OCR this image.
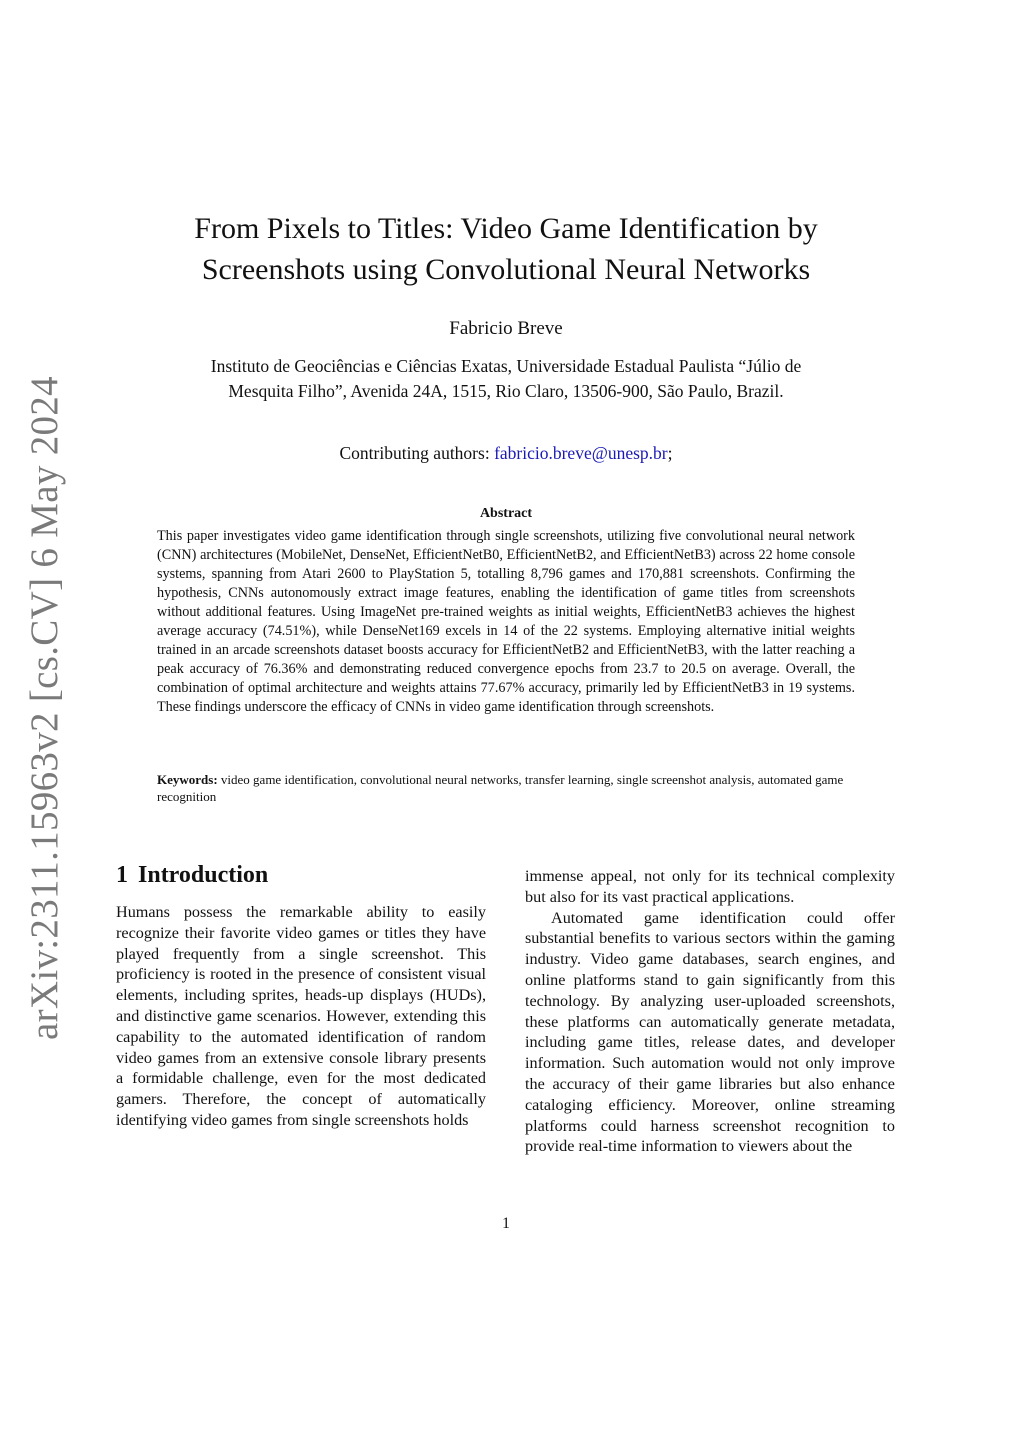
arXiv:2311.15963v2 [cs.CV] 6 May 2024
From Pixels to Titles: Video Game Identification by
Screenshots using Convolutional Neural Networks
Fabricio Breve
Instituto de Geociências e Ciências Exatas, Universidade Estadual Paulista “Júlio de
Mesquita Filho”, Avenida 24A, 1515, Rio Claro, 13506-900, São Paulo, Brazil.
Contributing authors: fabricio.breve@unesp.br;
Abstract

This paper investigates video game identification through single screenshots, utilizing five convolutional neural network (CNN) architectures (MobileNet, DenseNet, EfficientNetB0, EfficientNetB2, and EfficientNetB3) across 22 home console systems, spanning from Atari 2600 to PlayStation 5, totalling 8,796 games and 170,881 screenshots. Confirming the hypothesis, CNNs autonomously extract image features, enabling the identification of game titles from screenshots without additional features. Using ImageNet pre-trained weights as initial weights, EfficientNetB3 achieves the highest average accuracy (74.51%), while DenseNet169 excels in 14 of the 22 systems. Employing alternative initial weights trained in an arcade screenshots dataset boosts accuracy for EfficientNetB2 and EfficientNetB3, with the latter reaching a peak accuracy of 76.36% and demonstrating reduced convergence epochs from 23.7 to 20.5 on average. Overall, the combination of optimal architecture and weights attains 77.67% accuracy, primarily led by EfficientNetB3 in 19 systems. These findings underscore the efficacy of CNNs in video game identification through screenshots.

Keywords: video game identification, convolutional neural networks, transfer learning, single screenshot analysis, automated game recognition

1 Introduction

Humans possess the remarkable ability to easily recognize their favorite video games or titles they have played frequently from a single screenshot. This proficiency is rooted in the presence of consistent visual elements, including sprites, heads-up displays (HUDs), and distinctive game scenarios. However, extending this capability to the automated identification of random video games from an extensive console library presents a formidable challenge, even for the most dedicated gamers. Therefore, the concept of automatically identifying video games from single screenshots holds

immense appeal, not only for its technical complexity but also for its vast practical applications.

Automated game identification could offer substantial benefits to various sectors within the gaming industry. Video game databases, search engines, and online platforms stand to gain significantly from this technology. By analyzing user-uploaded screenshots, these platforms can automatically generate metadata, including game titles, release dates, and developer information. Such automation would not only improve the accuracy of their game libraries but also enhance cataloging efficiency. Moreover, online streaming platforms could harness screenshot recognition to provide real-time information to viewers about the

1
